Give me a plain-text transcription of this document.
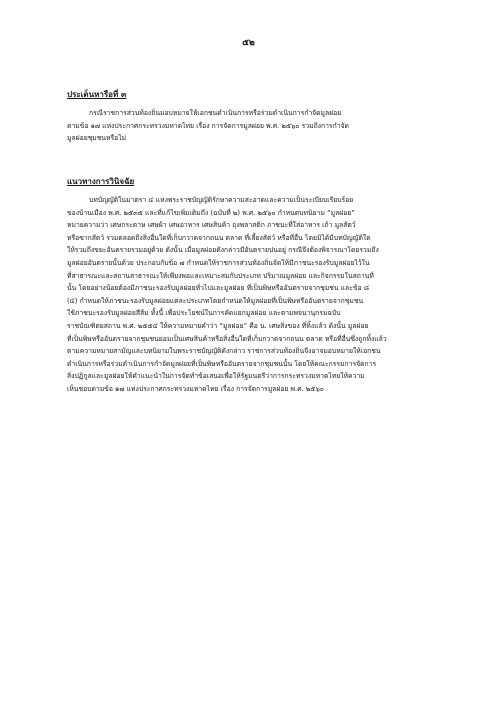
๕๒
ประเด็นหารือที่ ๓

กรณีราชการส่วนท้องถิ่นมอบหมายให้เอกชนดำเนินการหรือร่วมดำเนินการกำจัดมูลฝอย
ตามข้อ ๑๗ แห่งประกาศกระทรวงมหาดไทย เรื่อง การจัดการมูลฝอย พ.ศ. ๒๕๖๐ รวมถึงการกำจัด
มูลฝอยชุมชนหรือไม่

แนวทางการวินิจฉัย

บทบัญญัติในมาตรา ๔ แห่งพระราชบัญญัติรักษาความสะอาดและความเป็นระเบียบเรียบร้อย
ของบ้านเมือง พ.ศ. ๒๕๓๕ และที่แก้ไขเพิ่มเติมถึง (ฉบับที่ ๒) พ.ศ. ๒๕๖๐ กำหนดบทนิยาม “มูลฝอย”
หมายความว่า เศษกระดาษ เศษผ้า เศษอาหาร เศษสินค้า ถุงพลาสติก ภาชนะที่ใส่อาหาร เถ้า มูลสัตว์
หรือซากสัตว์ รวมตลอดถึงสิ่งอื่นใดที่เก็บกวาดจากถนน ตลาด ที่เลี้ยงสัตว์ หรือที่อื่น โดยมิได้มีบทบัญญัติใด
ให้รวมถึงขยะอันตรายรวมอยู่ด้วย ดังนั้น เมื่อมูลฝอยดังกล่าวมีอันตรายปนอยู่ กรณีจึงต้องพิจารณาโดยรวมถึง
มูลฝอยอันตรายนั้นด้วย ประกอบกับข้อ ๗ กำหนดให้ราชการส่วนท้องถิ่นจัดให้มีภาชนะรองรับมูลฝอยไว้ใน
ที่สาธารณะและสถานสาธารณะให้เพียงพอและเหมาะสมกับประเภท ปริมาณมูลฝอย และกิจกรรมในสถานที่
นั้น โดยอย่างน้อยต้องมีภาชนะรองรับมูลฝอยทั่วไปและมูลฝอย ที่เป็นพิษหรืออันตรายจากชุมชน และข้อ ๘
(๔) กำหนดให้ภาชนะรองรับมูลฝอยแต่ละประเภทโดยกำหนดให้มูลฝอยที่เป็นพิษหรืออันตรายจากชุมชน
ใช้ภาชนะรองรับมูลฝอยสีส้ม ทั้งนี้ เพื่อประโยชน์ในการคัดแยกมูลฝอย และตามพจนานุกรมฉบับ
ราชบัณฑิตยสถาน พ.ศ. ๒๕๕๔ ให้ความหมายคำว่า “มูลฝอย” คือ น. เศษสิ่งของ ที่ทิ้งแล้ว ดังนั้น มูลฝอย
ที่เป็นพิษหรืออันตรายจากชุมชนย่อมเป็นเศษสินค้าหรือสิ่งอื่นใดที่เก็บกวาดจากถนน ตลาด หรือที่อื่นซึ่งถูกทิ้งแล้ว
ตามความหมายสามัญและบทนิยามในพระราชบัญญัติดังกล่าว ราชการส่วนท้องถิ่นจึงอาจมอบหมายให้เอกชน
ดำเนินการหรือร่วมดำเนินการกำจัดมูลฝอยที่เป็นพิษหรืออันตรายจากชุมชนนั้น โดยให้คณะกรรมการจัดการ
สิ่งปฏิกูลและมูลฝอยให้คำแนะนำในการจัดทำข้อเสนอเพื่อให้รัฐมนตรีว่าการกระทรวงมหาดไทยให้ความ
เห็นชอบตามข้อ ๑๗ แห่งประกาศกระทรวงมหาดไทย เรื่อง การจัดการมูลฝอย พ.ศ. ๒๕๖๐
